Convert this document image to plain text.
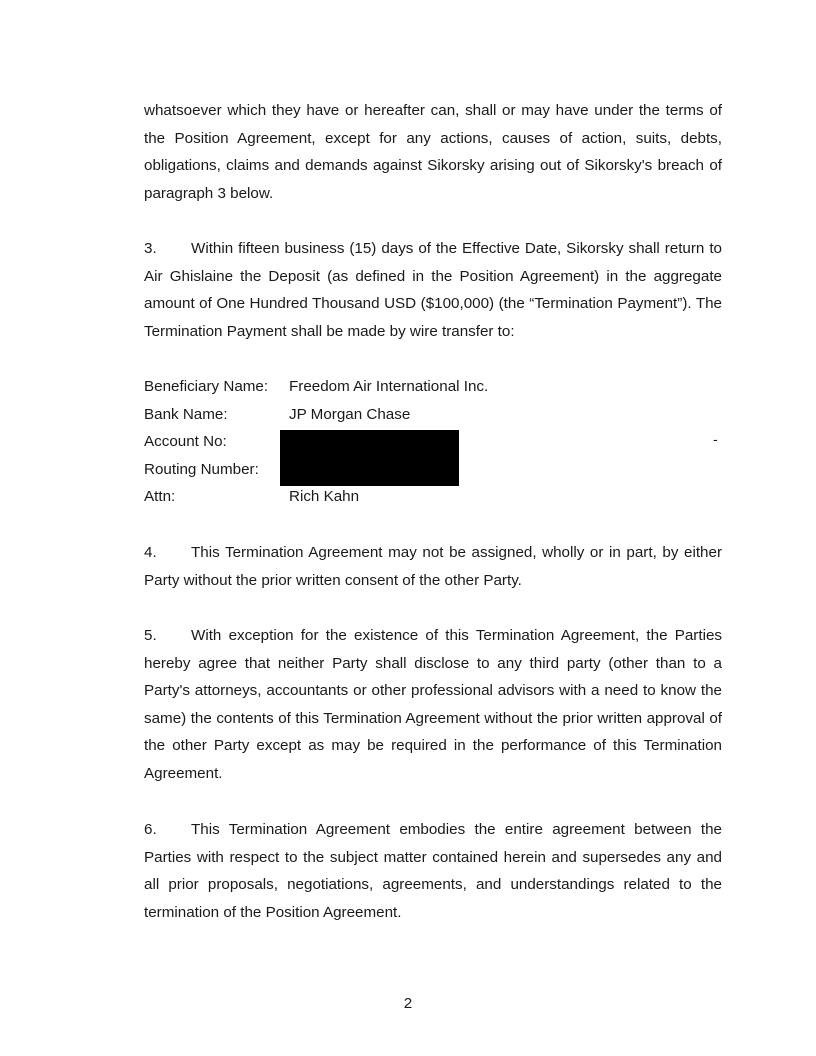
whatsoever which they have or hereafter can, shall or may have under the terms of the Position Agreement, except for any actions, causes of action, suits, debts, obligations, claims and demands against Sikorsky arising out of Sikorsky's breach of paragraph 3 below.

3. Within fifteen business (15) days of the Effective Date, Sikorsky shall return to Air Ghislaine the Deposit (as defined in the Position Agreement) in the aggregate amount of One Hundred Thousand USD ($100,000) (the “Termination Payment”). The Termination Payment shall be made by wire transfer to:

Beneficiary Name:	Freedom Air International Inc.
Bank Name:	JP Morgan Chase
Account No:
Routing Number:
Attn:	Rich Kahn
-

4. This Termination Agreement may not be assigned, wholly or in part, by either Party without the prior written consent of the other Party.

5. With exception for the existence of this Termination Agreement, the Parties hereby agree that neither Party shall disclose to any third party (other than to a Party's attorneys, accountants or other professional advisors with a need to know the same) the contents of this Termination Agreement without the prior written approval of the other Party except as may be required in the performance of this Termination Agreement.

6. This Termination Agreement embodies the entire agreement between the Parties with respect to the subject matter contained herein and supersedes any and all prior proposals, negotiations, agreements, and understandings related to the termination of the Position Agreement.

2
